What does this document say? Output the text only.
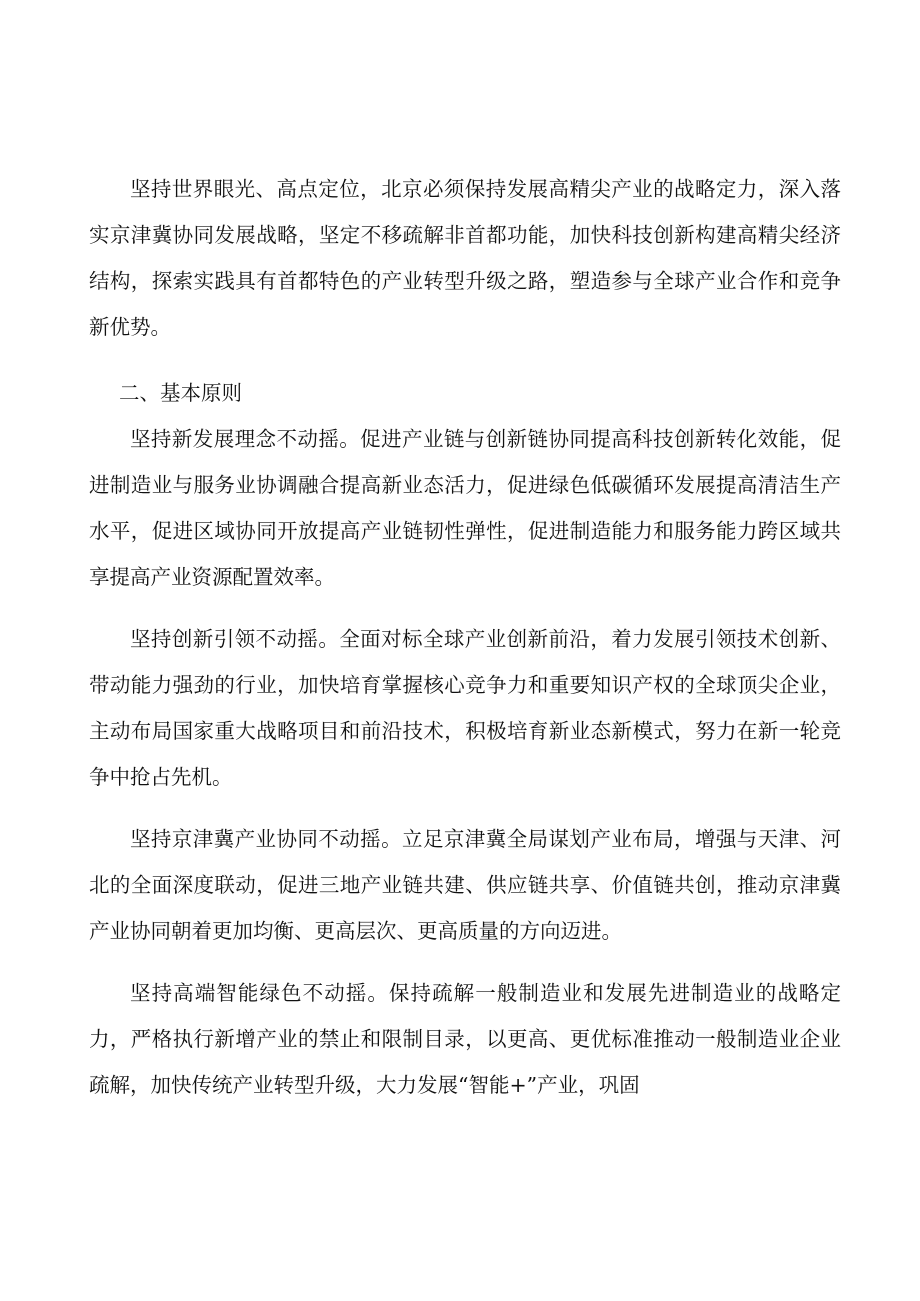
坚持世界眼光、高点定位，北京必须保持发展高精尖产业的战略定力，深入落实京津冀协同发展战略，坚定不移疏解非首都功能，加快科技创新构建高精尖经济结构，探索实践具有首都特色的产业转型升级之路，塑造参与全球产业合作和竞争新优势。

二、基本原则

坚持新发展理念不动摇。促进产业链与创新链协同提高科技创新转化效能，促进制造业与服务业协调融合提高新业态活力，促进绿色低碳循环发展提高清洁生产水平，促进区域协同开放提高产业链韧性弹性，促进制造能力和服务能力跨区域共享提高产业资源配置效率。

坚持创新引领不动摇。全面对标全球产业创新前沿，着力发展引领技术创新、带动能力强劲的行业，加快培育掌握核心竞争力和重要知识产权的全球顶尖企业，主动布局国家重大战略项目和前沿技术，积极培育新业态新模式，努力在新一轮竞争中抢占先机。

坚持京津冀产业协同不动摇。立足京津冀全局谋划产业布局，增强与天津、河北的全面深度联动，促进三地产业链共建、供应链共享、价值链共创，推动京津冀产业协同朝着更加均衡、更高层次、更高质量的方向迈进。

坚持高端智能绿色不动摇。保持疏解一般制造业和发展先进制造业的战略定力，严格执行新增产业的禁止和限制目录，以更高、更优标准推动一般制造业企业疏解，加快传统产业转型升级，大力发展“智能+”产业，巩固
